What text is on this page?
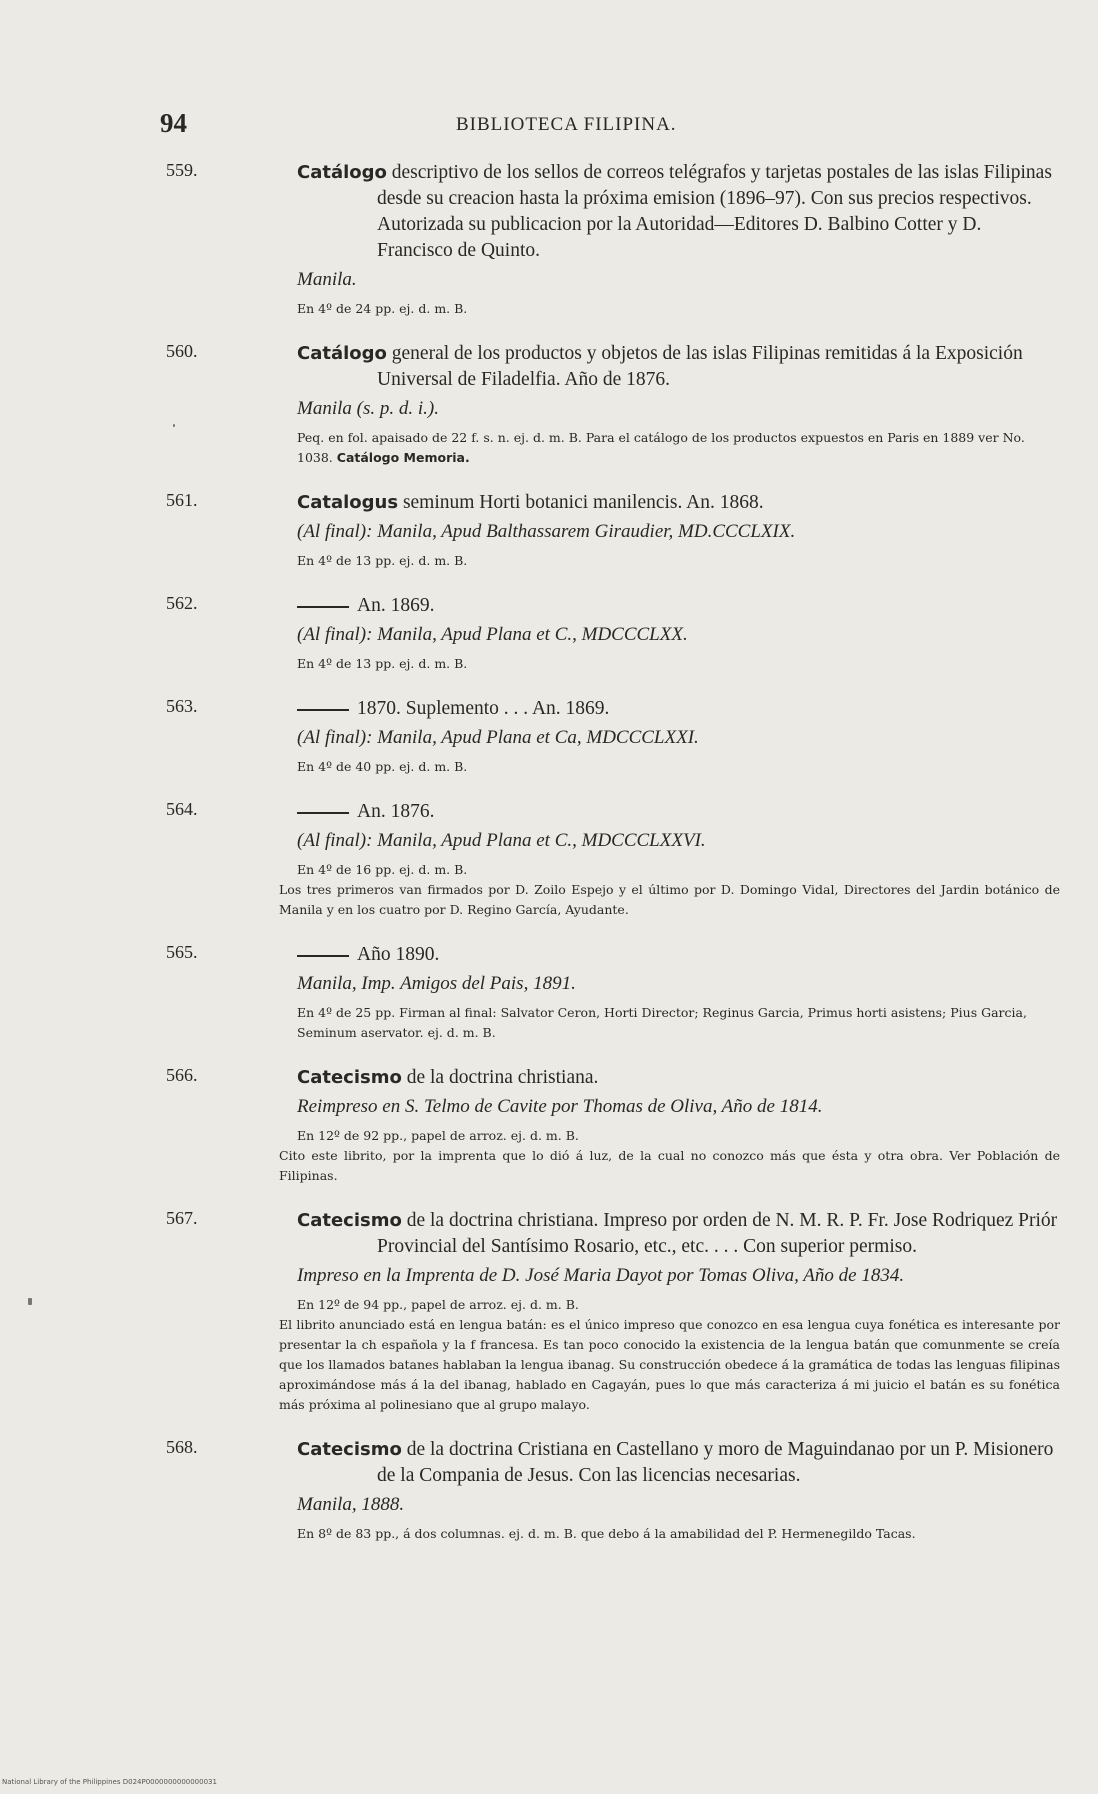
94	BIBLIOTECA FILIPINA.
559.	Catálogo descriptivo de los sellos de correos telégrafos y tarjetas postales de las islas Filipinas desde su creacion hasta la próxima emision (1896–97). Con sus precios respectivos. Autorizada su publicacion por la Autoridad—Editores D. Balbino Cotter y D. Francisco de Quinto.
Manila.
En 4º de 24 pp. ej. d. m. B.
560.	Catálogo general de los productos y objetos de las islas Filipinas remitidas á la Exposición Universal de Filadelfia. Año de 1876.
Manila (s. p. d. i.).
Peq. en fol. apaisado de 22 f. s. n. ej. d. m. B. Para el catálogo de los productos expuestos en Paris en 1889 ver No. 1038. Catálogo Memoria.
561.	Catalogus seminum Horti botanici manilencis. An. 1868.
(Al final): Manila, Apud Balthassarem Giraudier, MD.CCCLXIX.
En 4º de 13 pp. ej. d. m. B.
562.	An. 1869.
(Al final): Manila, Apud Plana et C., MDCCCLXX.
En 4º de 13 pp. ej. d. m. B.
563.	1870. Suplemento . . . An. 1869.
(Al final): Manila, Apud Plana et Ca, MDCCCLXXI.
En 4º de 40 pp. ej. d. m. B.
564.	An. 1876.
(Al final): Manila, Apud Plana et C., MDCCCLXXVI.
En 4º de 16 pp. ej. d. m. B.
Los tres primeros van firmados por D. Zoilo Espejo y el último por D. Domingo Vidal, Directores del Jardin botánico de Manila y en los cuatro por D. Regino García, Ayudante.
565.	Año 1890.
Manila, Imp. Amigos del Pais, 1891.
En 4º de 25 pp. Firman al final: Salvator Ceron, Horti Director; Reginus Garcia, Primus horti asistens; Pius Garcia, Seminum aservator. ej. d. m. B.
566.	Catecismo de la doctrina christiana.
Reimpreso en S. Telmo de Cavite por Thomas de Oliva, Año de 1814.
En 12º de 92 pp., papel de arroz. ej. d. m. B.
Cito este librito, por la imprenta que lo dió á luz, de la cual no conozco más que ésta y otra obra. Ver Población de Filipinas.
567.	Catecismo de la doctrina christiana. Impreso por orden de N. M. R. P. Fr. Jose Rodriquez Priór Provincial del Santísimo Rosario, etc., etc. . . . Con superior permiso.
Impreso en la Imprenta de D. José Maria Dayot por Tomas Oliva, Año de 1834.
En 12º de 94 pp., papel de arroz. ej. d. m. B.
El librito anunciado está en lengua batán: es el único impreso que conozco en esa lengua cuya fonética es interesante por presentar la ch española y la f francesa. Es tan poco conocido la existencia de la lengua batán que comunmente se creía que los llamados batanes hablaban la lengua ibanag. Su construcción obedece á la gramática de todas las lenguas filipinas aproximándose más á la del ibanag, hablado en Cagayán, pues lo que más caracteriza á mi juicio el batán es su fonética más próxima al polinesiano que al grupo malayo.
568.	Catecismo de la doctrina Cristiana en Castellano y moro de Maguindanao por un P. Misionero de la Compania de Jesus. Con las licencias necesarias.
Manila, 1888.
En 8º de 83 pp., á dos columnas. ej. d. m. B. que debo á la amabilidad del P. Hermenegildo Tacas.
National Library of the Philippines D024P0000000000000031
